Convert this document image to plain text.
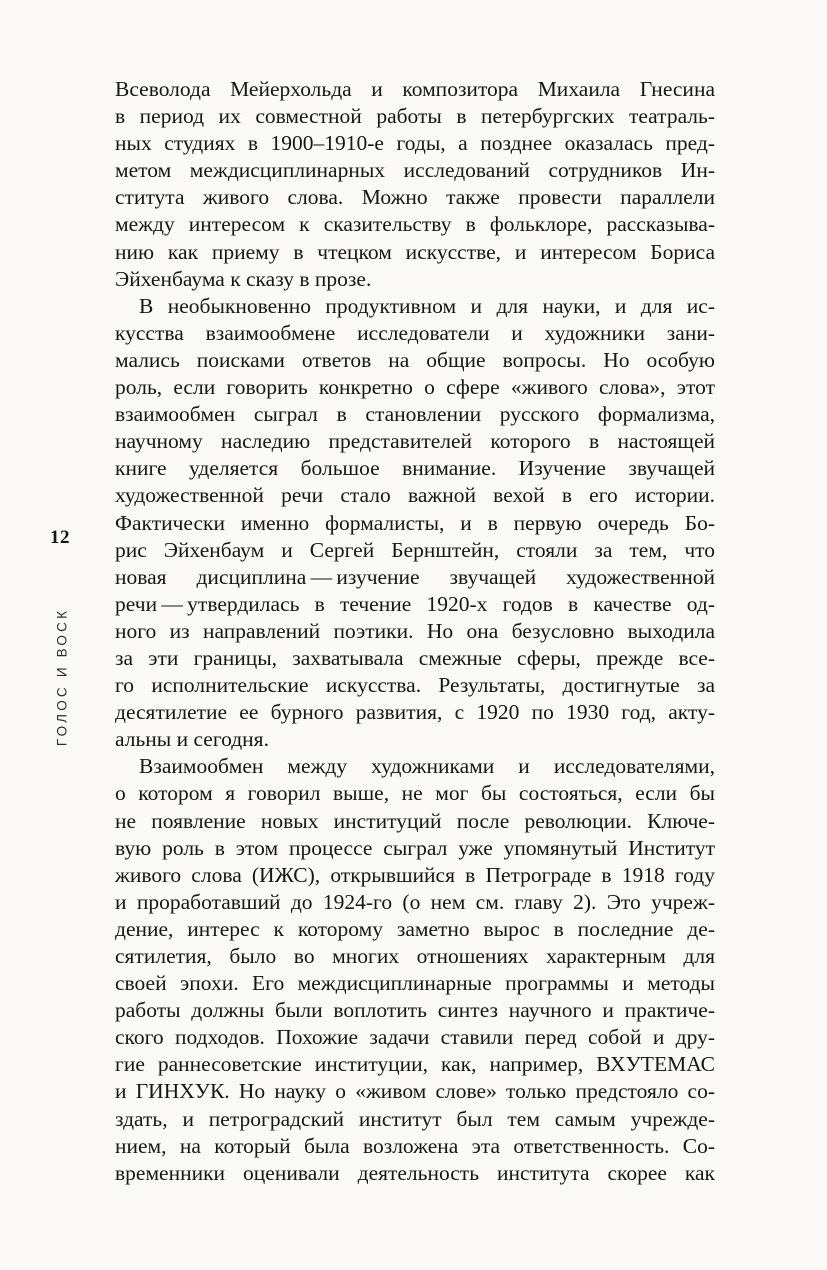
12
ГОЛОС И ВОСК
Всеволода Мейерхольда и композитора Михаила Гнесина
в период их совместной работы в петербургских театраль-
ных студиях в 1900–1910-е годы, а позднее оказалась пред-
метом междисциплинарных исследований сотрудников Ин-
ститута живого слова. Можно также провести параллели
между интересом к сказительству в фольклоре, рассказыва-
нию как приему в чтецком искусстве, и интересом Бориса
Эйхенбаума к сказу в прозе.
В необыкновенно продуктивном и для науки, и для ис-
кусства взаимообмене исследователи и художники зани-
мались поисками ответов на общие вопросы. Но особую
роль, если говорить конкретно о сфере «живого слова», этот
взаимообмен сыграл в становлении русского формализма,
научному наследию представителей которого в настоящей
книге уделяется большое внимание. Изучение звучащей
художественной речи стало важной вехой в его истории.
Фактически именно формалисты, и в первую очередь Бо-
рис Эйхенбаум и Сергей Бернштейн, стояли за тем, что
новая дисциплина — изучение звучащей художественной
речи — утвердилась в течение 1920-х годов в качестве од-
ного из направлений поэтики. Но она безусловно выходила
за эти границы, захватывала смежные сферы, прежде все-
го исполнительские искусства. Результаты, достигнутые за
десятилетие ее бурного развития, с 1920 по 1930 год, акту-
альны и сегодня.
Взаимообмен между художниками и исследователями,
о котором я говорил выше, не мог бы состояться, если бы
не появление новых институций после революции. Ключе-
вую роль в этом процессе сыграл уже упомянутый Институт
живого слова (ИЖС), открывшийся в Петрограде в 1918 году
и проработавший до 1924-го (о нем см. главу 2). Это учреж-
дение, интерес к которому заметно вырос в последние де-
сятилетия, было во многих отношениях характерным для
своей эпохи. Его междисциплинарные программы и методы
работы должны были воплотить синтез научного и практиче-
ского подходов. Похожие задачи ставили перед собой и дру-
гие раннесоветские институции, как, например, ВХУТЕМАС
и ГИНХУК. Но науку о «живом слове» только предстояло со-
здать, и петроградский институт был тем самым учрежде-
нием, на который была возложена эта ответственность. Со-
временники оценивали деятельность института скорее как
